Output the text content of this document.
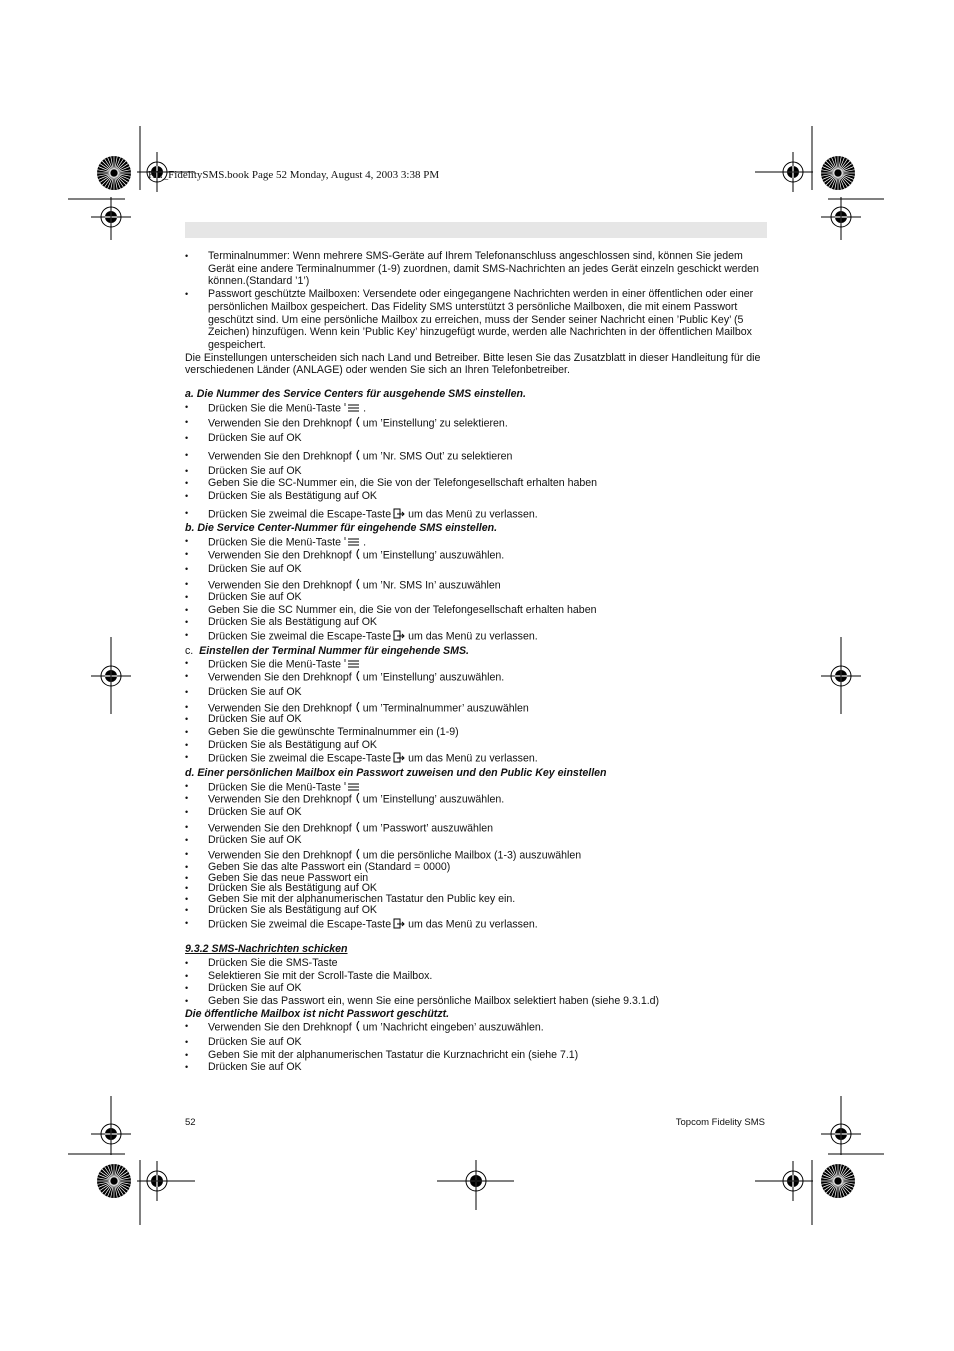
HL_FidelitySMS.book Page 52 Monday, August 4, 2003 3:38 PM
• Terminalnummer: Wenn mehrere SMS-Geräte auf Ihrem Telefonanschluss angeschlossen sind, können Sie jedem Gerät eine andere Terminalnummer (1-9) zuordnen, damit SMS-Nachrichten an jedes Gerät einzeln geschickt werden können.(Standard ’1’)
• Passwort geschützte Mailboxen: Versendete oder eingegangene Nachrichten werden in einer öffentlichen oder einer persönlichen Mailbox gespeichert. Das Fidelity SMS unterstützt 3 persönliche Mailboxen, die mit einem Passwort geschützt sind. Um eine persönliche Mailbox zu erreichen, muss der Sender seiner Nachricht einen ’Public Key’ (5 Zeichen) hinzufügen. Wenn kein ’Public Key’ hinzugefügt wurde, werden alle Nachrichten in der öffentlichen Mailbox gespeichert.

Die Einstellungen unterscheiden sich nach Land und Betreiber. Bitte lesen Sie das Zusatzblatt in dieser Handleitung für die verschiedenen Länder (ANLAGE) oder wenden Sie sich an Ihren Telefonbetreiber.

a. Die Nummer des Service Centers für ausgehende SMS einstellen.

• Drücken Sie die Menü-Taste .
• Verwenden Sie den Drehknopf um ’Einstellung’ zu selektieren.
• Drücken Sie auf OK
• Verwenden Sie den Drehknopf um ’Nr. SMS Out’ zu selektieren
• Drücken Sie auf OK
• Geben Sie die SC-Nummer ein, die Sie von der Telefongesellschaft erhalten haben
• Drücken Sie als Bestätigung auf OK
• Drücken Sie zweimal die Escape-Taste um das Menü zu verlassen.

b. Die Service Center-Nummer für eingehende SMS einstellen.

• Drücken Sie die Menü-Taste .
• Verwenden Sie den Drehknopf um ’Einstellung’ auszuwählen.
• Drücken Sie auf OK
• Verwenden Sie den Drehknopf um ’Nr. SMS In’ auszuwählen
• Drücken Sie auf OK
• Geben Sie die SC Nummer ein, die Sie von der Telefongesellschaft erhalten haben
• Drücken Sie als Bestätigung auf OK
• Drücken Sie zweimal die Escape-Taste um das Menü zu verlassen.

c. Einstellen der Terminal Nummer für eingehende SMS.

• Drücken Sie die Menü-Taste
• Verwenden Sie den Drehknopf um ’Einstellung’ auszuwählen.
• Drücken Sie auf OK
• Verwenden Sie den Drehknopf um ’Terminalnummer’ auszuwählen
• Drücken Sie auf OK
• Geben Sie die gewünschte Terminalnummer ein (1-9)
• Drücken Sie als Bestätigung auf OK
• Drücken Sie zweimal die Escape-Taste um das Menü zu verlassen.

d. Einer persönlichen Mailbox ein Passwort zuweisen und den Public Key einstellen

• Drücken Sie die Menü-Taste
• Verwenden Sie den Drehknopf um ’Einstellung’ auszuwählen.
• Drücken Sie auf OK
• Verwenden Sie den Drehknopf um ’Passwort’ auszuwählen
• Drücken Sie auf OK
• Verwenden Sie den Drehknopf um die persönliche Mailbox (1-3) auszuwählen
• Geben Sie das alte Passwort ein (Standard = 0000)
• Geben Sie das neue Passwort ein
• Drücken Sie als Bestätigung auf OK
• Geben Sie mit der alphanumerischen Tastatur den Public key ein.
• Drücken Sie als Bestätigung auf OK
• Drücken Sie zweimal die Escape-Taste um das Menü zu verlassen.

9.3.2 SMS-Nachrichten schicken

• Drücken Sie die SMS-Taste
• Selektieren Sie mit der Scroll-Taste die Mailbox.
• Drücken Sie auf OK
• Geben Sie das Passwort ein, wenn Sie eine persönliche Mailbox selektiert haben (siehe 9.3.1.d)

Die öffentliche Mailbox ist nicht Passwort geschützt.

• Verwenden Sie den Drehknopf um ’Nachricht eingeben’ auszuwählen.
• Drücken Sie auf OK
• Geben Sie mit der alphanumerischen Tastatur die Kurznachricht ein (siehe 7.1)
• Drücken Sie auf OK
52	Topcom Fidelity SMS
